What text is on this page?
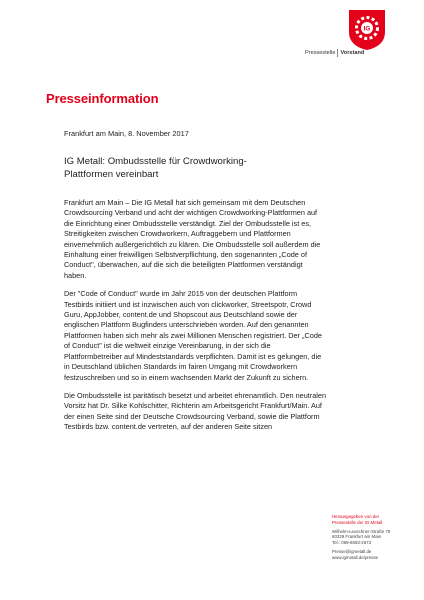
IG
Pressestelle Vorstand
Presseinformation
Frankfurt am Main, 8. November 2017
IG Metall: Ombudsstelle für Crowdworking-
Plattformen vereinbart

Frankfurt am Main – Die IG Metall hat sich gemeinsam mit dem Deutschen Crowdsourcing Verband und acht der wichtigen Crowdworking-Plattformen auf die Einrichtung einer Ombudsstelle verständigt. Ziel der Ombudsstelle ist es, Streitigkeiten zwischen Crowdworkern, Auftraggebern und Plattformen einvernehmlich außergerichtlich zu klären. Die Ombudsstelle soll außerdem die Einhaltung einer freiwilligen Selbstverpflichtung, den sogenannten „Code of Conduct", überwachen, auf die sich die beteiligten Plattformen verständigt haben.

Der "Code of Conduct" wurde im Jahr 2015 von der deutschen Plattform Testbirds initiiert und ist inzwischen auch von clickworker, Streetspotr, Crowd Guru, AppJobber, content.de und Shopscout aus Deutschland sowie der englischen Plattform Bugfinders unterschrieben worden. Auf den genannten Plattformen haben sich mehr als zwei Millionen Menschen registriert. Der „Code of Conduct" ist die weltweit einzige Vereinbarung, in der sich die Plattformbetreiber auf Mindeststandards verpflichten. Damit ist es gelungen, die in Deutschland üblichen Standards im fairen Umgang mit Crowdworkern festzuschreiben und so in einem wachsenden Markt der Zukunft zu sichern.

Die Ombudsstelle ist paritätisch besetzt und arbeitet ehrenamtlich. Den neutralen Vorsitz hat Dr. Silke Kohlschitter, Richterin am Arbeitsgericht Frankfurt/Main. Auf der einen Seite sind der Deutsche Crowdsourcing Verband, sowie die Plattform Testbirds bzw. content.de vertreten, auf der anderen Seite sitzen

Herausgegeben von der
Pressestelle der IG Metall
Wilhelm-Leuschner-Straße 79
60329 Frankfurt am Main
Tel.: 069-6693-2673
Presse@igmetall.de
www.igmetall.de/presse
